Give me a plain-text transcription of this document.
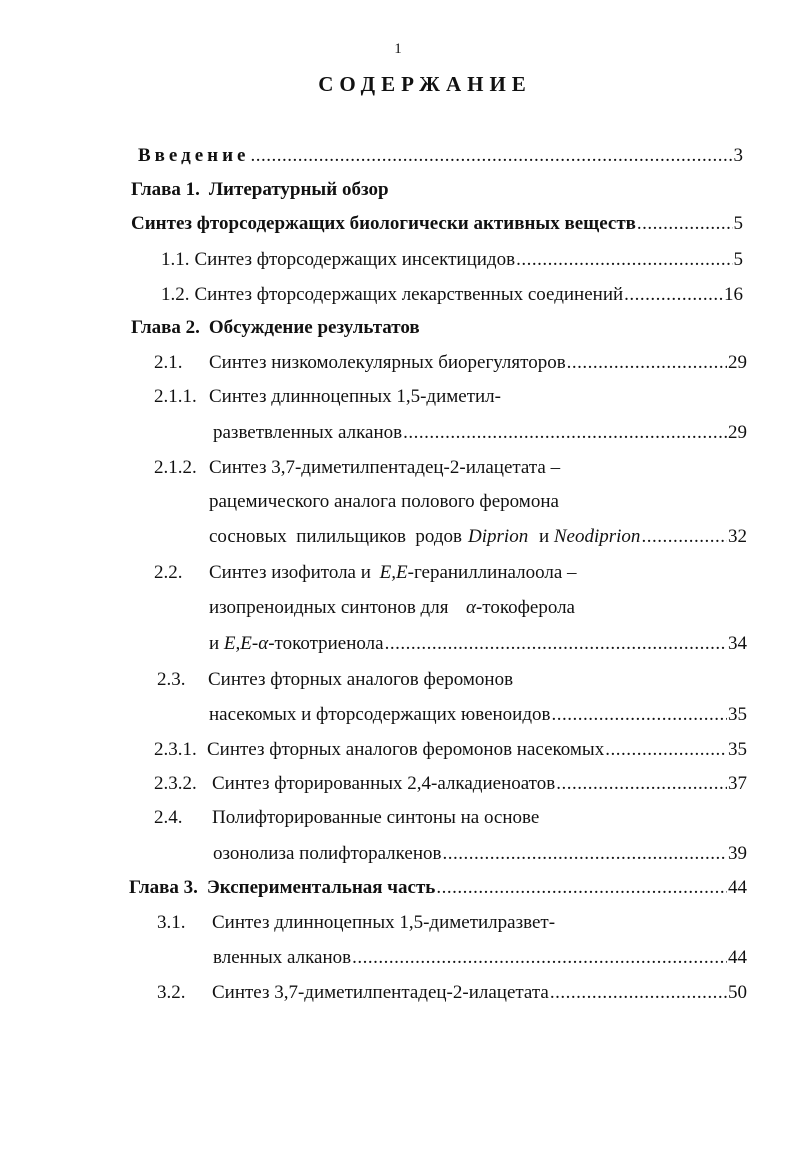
1
СОДЕРЖАНИЕ
Введение .....	3
Глава 1. Литературный обзор
Синтез фторсодержащих биологически активных веществ .....	5
1.1. Синтез фторсодержащих инсектицидов .....	5
1.2. Синтез фторсодержащих лекарственных соединений .....	16
Глава 2. Обсуждение результатов
2.1.	Синтез низкомолекулярных биорегуляторов .....	29
2.1.1. Синтез длинноцепных 1,5-диметил-
разветвленных алканов .....	29
2.1.2. Синтез 3,7-диметилпентадец-2-илацетата –
рацемического аналога полового феромона
сосновых  пилильщиков  родов Diprion и Neodiprion .....	32
2.2.	Синтез изофитола и E,E -гераниллиналоола –
изопреноидных синтонов для α -токоферола
и E,E-α -токотриенола .....	34
2.3.	Синтез фторных аналогов феромонов
насекомых и фторсодержащих ювеноидов .....	35
2.3.1. Синтез фторных аналогов феромонов насекомых .....	35
2.3.2. Синтез фторированных 2,4-алкадиеноатов .....	37
2.4.	Полифторированные синтоны на основе
озонолиза полифторалкенов .....	39
Глава 3. Экспериментальная часть .....	44
3.1.	Синтез длинноцепных 1,5-диметилразвет-
вленных алканов .....	44
3.2.	Синтез 3,7-диметилпентадец-2-илацетата .....	50
